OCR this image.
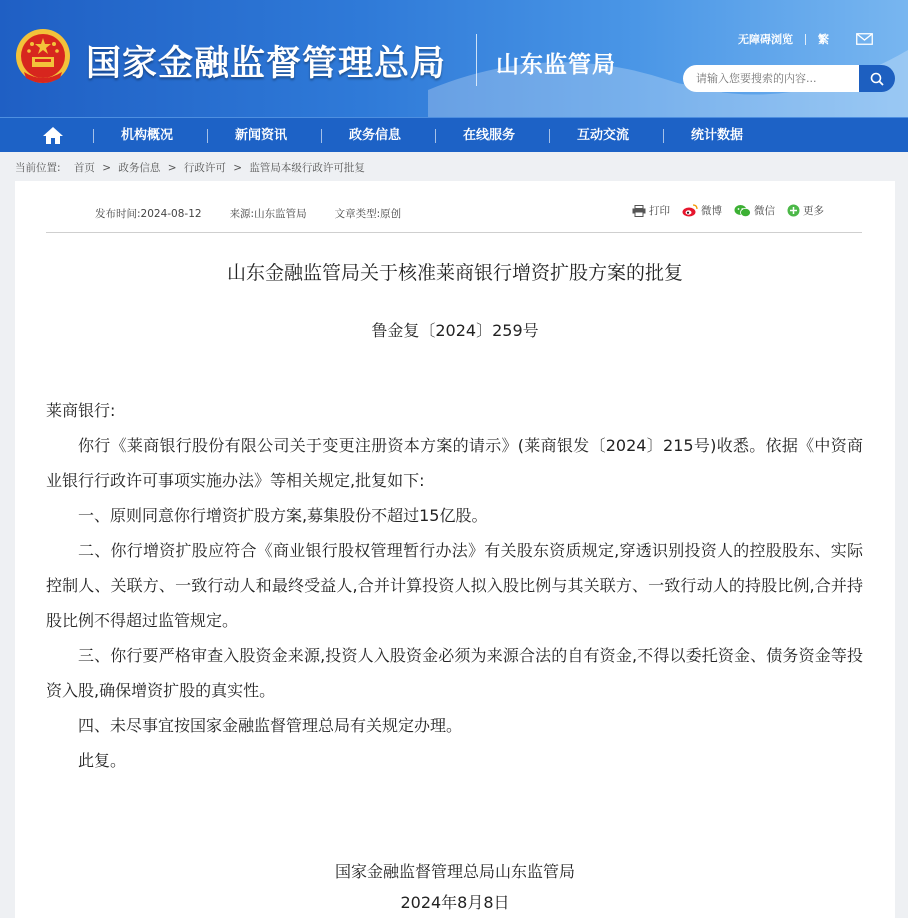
国家金融监督管理总局 山东监管局
无障碍浏览 繁
请输入您要搜索的内容...
机构概况	新闻资讯	政务信息	在线服务	互动交流	统计数据
当前位置: 首页 > 政务信息 > 行政许可 > 监管局本级行政许可批复
发布时间:2024-08-12	来源:山东监管局	文章类型:原创	打印	微博	微信	更多
山东金融监管局关于核准莱商银行增资扩股方案的批复
鲁金复〔2024〕259号

莱商银行:

你行《莱商银行股份有限公司关于变更注册资本方案的请示》(莱商银发〔2024〕215号)收悉。依据《中资商业银行行政许可事项实施办法》等相关规定,批复如下:

一、原则同意你行增资扩股方案,募集股份不超过15亿股。

二、你行增资扩股应符合《商业银行股权管理暂行办法》有关股东资质规定,穿透识别投资人的控股股东、实际控制人、关联方、一致行动人和最终受益人,合并计算投资人拟入股比例与其关联方、一致行动人的持股比例,合并持股比例不得超过监管规定。

三、你行要严格审查入股资金来源,投资人入股资金必须为来源合法的自有资金,不得以委托资金、债务资金等投资入股,确保增资扩股的真实性。

四、未尽事宜按国家金融监督管理总局有关规定办理。

此复。

国家金融监督管理总局山东监管局
2024年8月8日
